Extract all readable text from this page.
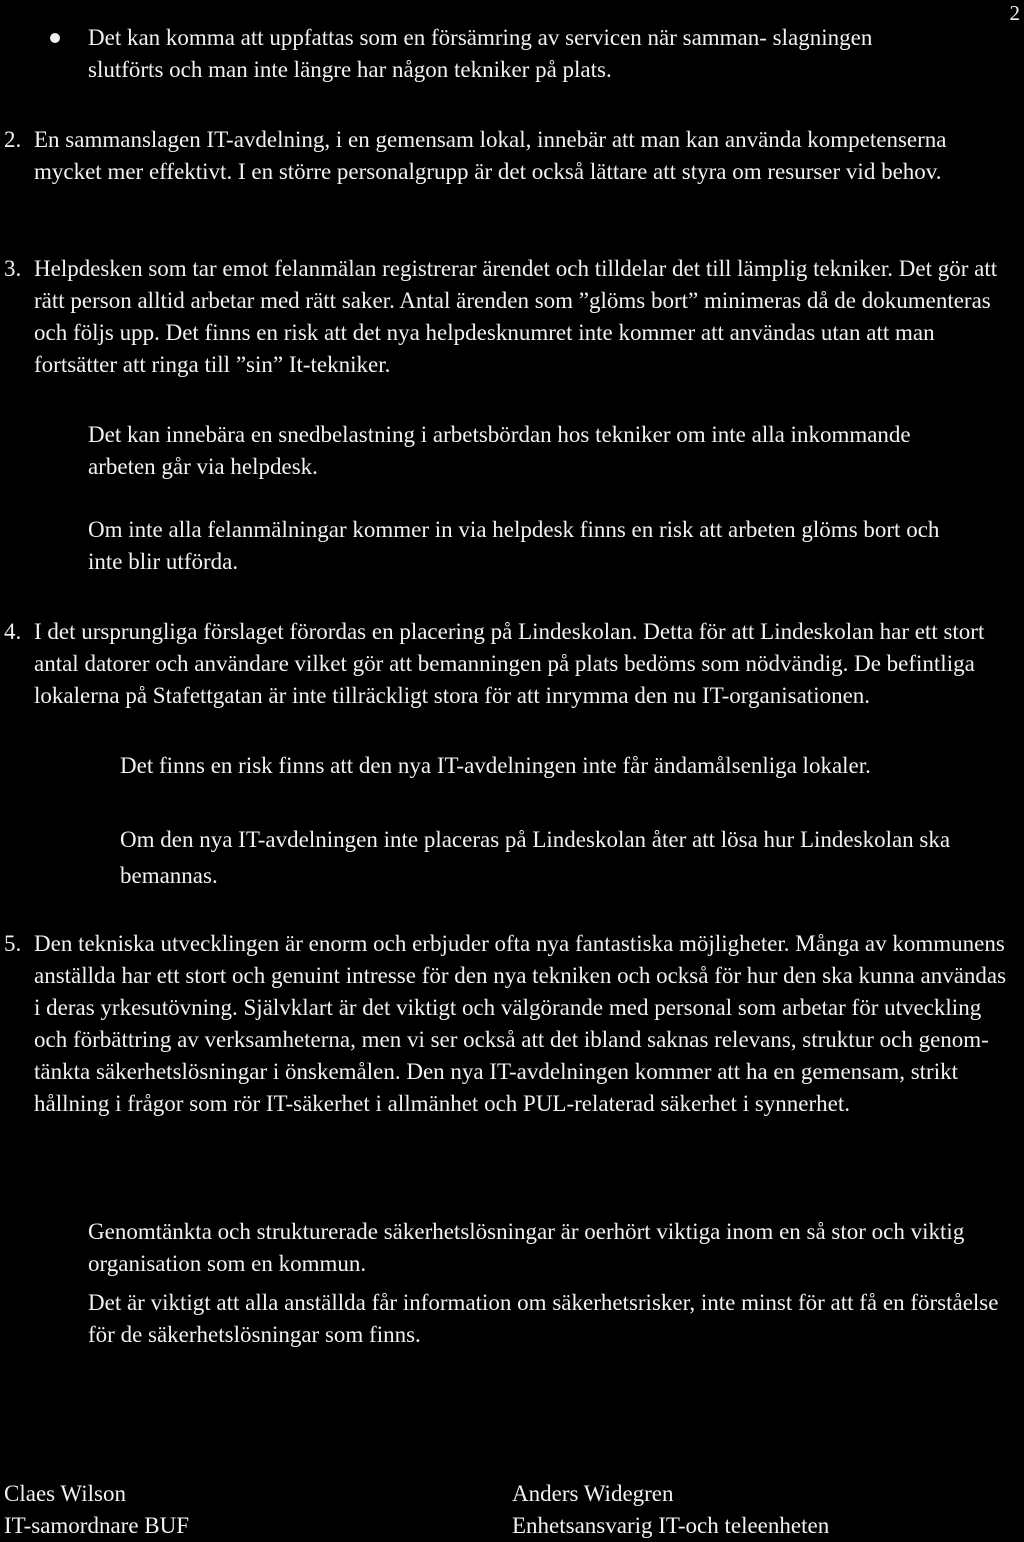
2

Det kan komma att uppfattas som en försämring av servicen när samman- slagningen slutförts och man inte längre har någon tekniker på plats.

2. En sammanslagen IT-avdelning, i en gemensam lokal, innebär att man kan använda kompetenserna mycket mer effektivt. I en större personalgrupp är det också lättare att styra om resurser vid behov.

3. Helpdesken som tar emot felanmälan registrerar ärendet och tilldelar det till lämplig tekniker. Det gör att rätt person alltid arbetar med rätt saker. Antal ärenden som ”glöms bort” minimeras då de dokumenteras och följs upp. Det finns en risk att det nya helpdesknumret inte kommer att användas utan att man fortsätter att ringa till ”sin” It-tekniker.

Det kan innebära en snedbelastning i arbetsbördan hos tekniker om inte alla inkommande arbeten går via helpdesk.

Om inte alla felanmälningar kommer in via helpdesk finns en risk att arbeten glöms bort och inte blir utförda.

4. I det ursprungliga förslaget förordas en placering på Lindeskolan. Detta för att Lindeskolan har ett stort antal datorer och användare vilket gör att bemanningen på plats bedöms som nödvändig. De befintliga lokalerna på Stafettgatan är inte tillräckligt stora för att inrymma den nu IT-organisationen.

Det finns en risk finns att den nya IT-avdelningen inte får ändamålsenliga lokaler.

Om den nya IT-avdelningen inte placeras på Lindeskolan åter att lösa hur Lindeskolan ska bemannas.

5. Den tekniska utvecklingen är enorm och erbjuder ofta nya fantastiska möjligheter. Många av kommunens anställda har ett stort och genuint intresse för den nya tekniken och också för hur den ska kunna användas i deras yrkesutövning. Självklart är det viktigt och välgörande med personal som arbetar för utveckling och förbättring av verksamheterna, men vi ser också att det ibland saknas relevans, struktur och genom-tänkta säkerhetslösningar i önskemålen. Den nya IT-avdelningen kommer att ha en gemensam, strikt hållning i frågor som rör IT-säkerhet i allmänhet och PUL-relaterad säkerhet i synnerhet.

Genomtänkta och strukturerade säkerhetslösningar är oerhört viktiga inom en så stor och viktig organisation som en kommun.

Det är viktigt att alla anställda får information om säkerhetsrisker, inte minst för att få en förståelse för de säkerhetslösningar som finns.

Claes Wilson
IT-samordnare BUF
Anders Widegren
Enhetsansvarig IT-och teleenheten
